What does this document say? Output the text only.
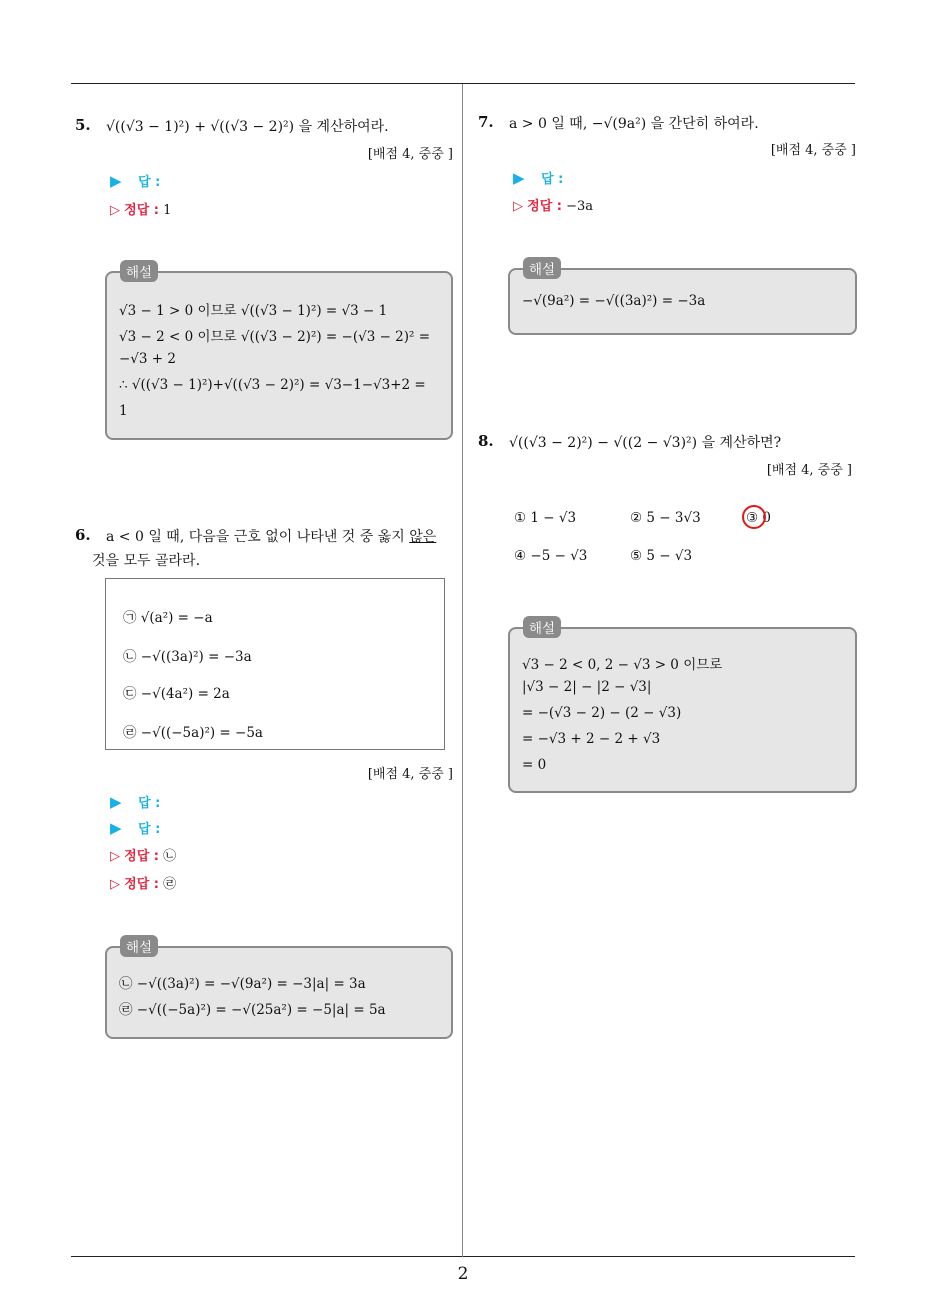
5. √((√3 − 1)²) + √((√3 − 2)²) 을 계산하여라.
[배점 4, 중중 ]
▶ 답 :
▷ 정답 : 1
√3 − 1 > 0 이므로 √((√3 − 1)²) = √3 − 1
√3 − 2 < 0 이므로 √((√3 − 2)²) = −(√3 − 2)² =
−√3 + 2
∴ √((√3 − 1)²)+√((√3 − 2)²) = √3−1−√3+2 =
1
해설
6. a < 0 일 때, 다음을 근호 없이 나타낸 것 중 옳지 않은
것을 모두 골라라.
㉠ √(a²) = −a
㉡ −√((3a)²) = −3a
㉢ −√(4a²) = 2a
㉣ −√((−5a)²) = −5a
[배점 4, 중중 ]
▶ 답 :
▶ 답 :
▷ 정답 : ㉡
▷ 정답 : ㉣
㉡ −√((3a)²) = −√(9a²) = −3|a| = 3a
㉣ −√((−5a)²) = −√(25a²) = −5|a| = 5a
해설
7. a > 0 일 때, −√(9a²) 을 간단히 하여라.
[배점 4, 중중 ]
▶ 답 :
▷ 정답 : −3a
−√(9a²) = −√((3a)²) = −3a
해설
8. √((√3 − 2)²) − √((2 − √3)²) 을 계산하면?
[배점 4, 중중 ]
① 1 − √3	② 5 − 3√3	③ 0
④ −5 − √3	⑤ 5 − √3
√3 − 2 < 0, 2 − √3 > 0 이므로
|√3 − 2| − |2 − √3|
= −(√3 − 2) − (2 − √3)
= −√3 + 2 − 2 + √3
= 0
해설
2
